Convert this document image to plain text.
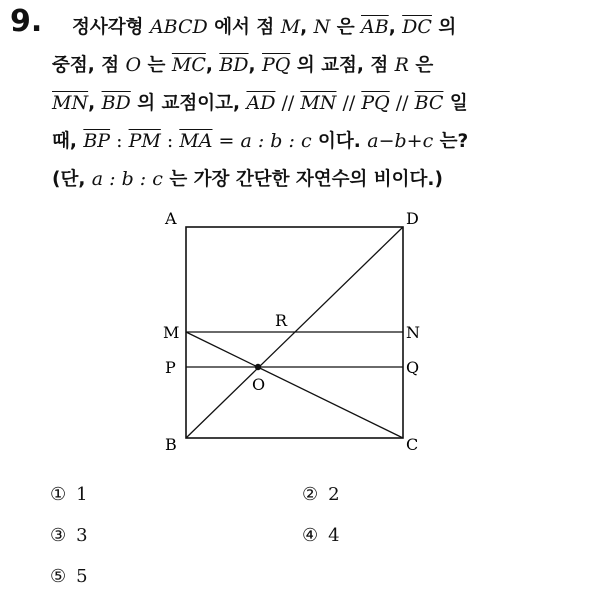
9.	정사각형 ABCD 에서 점 M, N 은 $\overline{AB}$, $\overline{DC}$ 의
중점, 점 O 는 $\overline{MC}$, $\overline{BD}$, $\overline{PQ}$ 의 교점, 점 R 은
$\overline{MN}$, $\overline{BD}$ 의 교점이고, $\overline{AD} // \overline{MN} // \overline{PQ} // \overline{BC}$ 일
때, $\overline{BP}$ : $\overline{PM}$ : $\overline{MA} = a$ : b : c 이다. a−b+c 는?
(단, a : b : c 는 가장 간단한 자연수의 비이다.)
A	D
M	N
R
P	Q
O
B	C
① 1	② 2
③ 3	④ 4
⑤ 5
